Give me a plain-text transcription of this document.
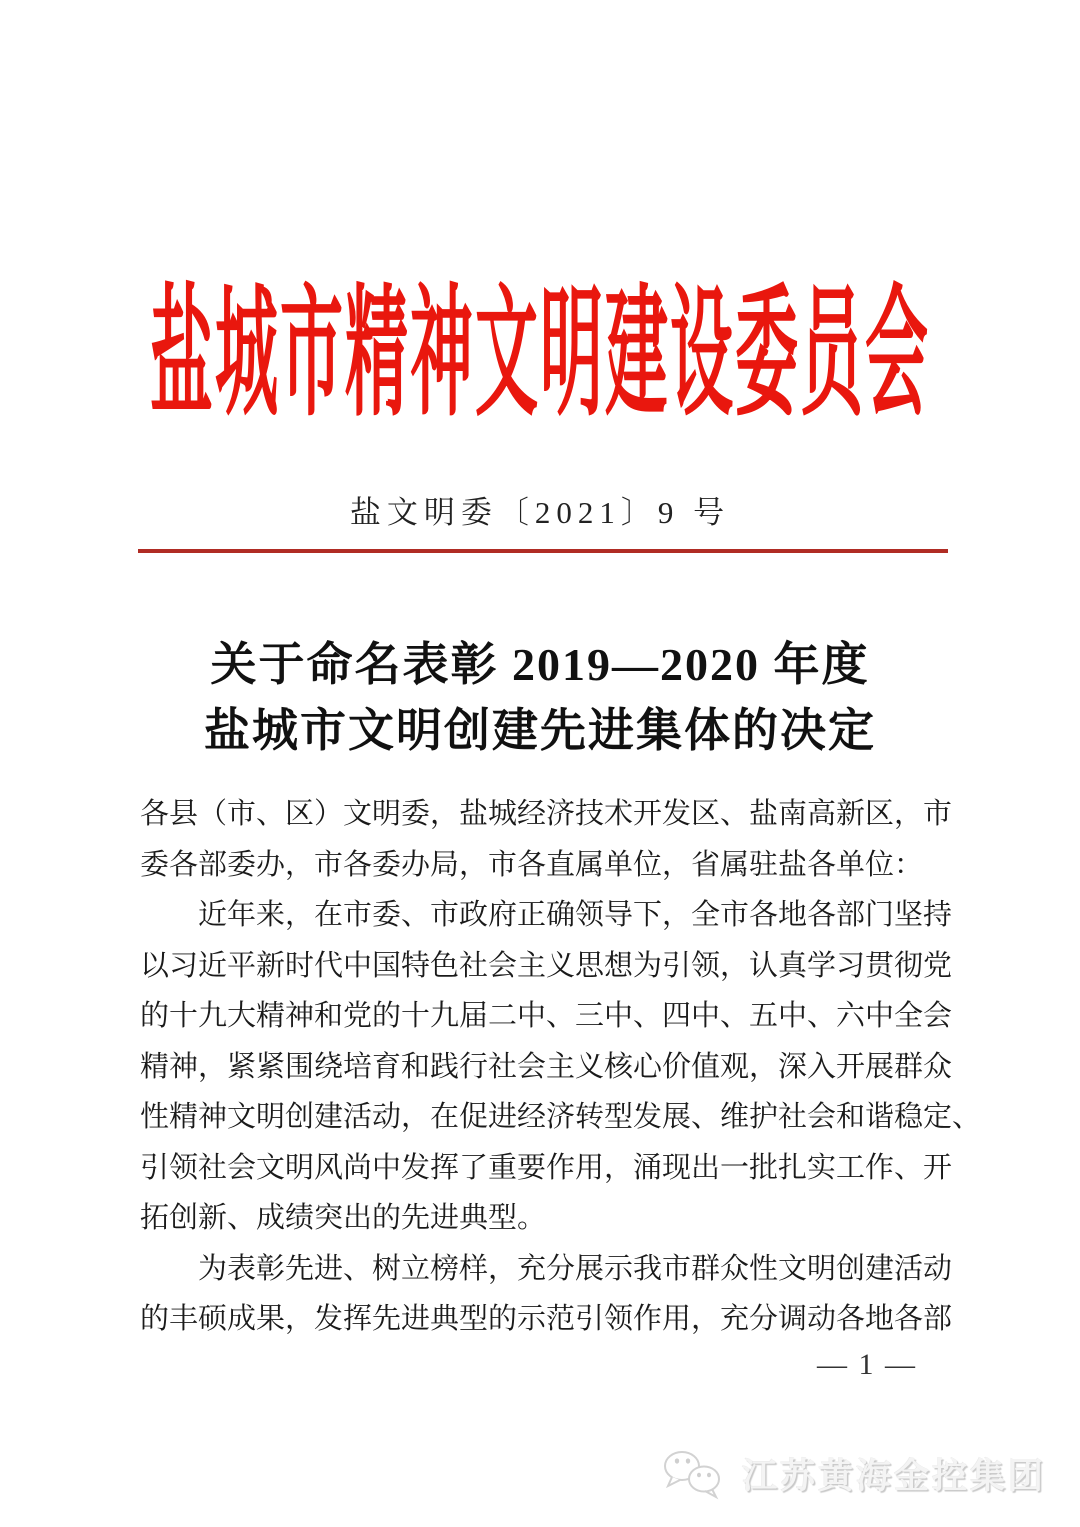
盐城市精神文明建设委员会
盐文明委〔2021〕9 号
关于命名表彰 2019—2020 年度
盐城市文明创建先进集体的决定
各县（市、区）文明委，盐城经济技术开发区、盐南高新区，市
委各部委办，市各委办局，市各直属单位，省属驻盐各单位：
近年来，在市委、市政府正确领导下，全市各地各部门坚持
以习近平新时代中国特色社会主义思想为引领，认真学习贯彻党
的十九大精神和党的十九届二中、三中、四中、五中、六中全会
精神，紧紧围绕培育和践行社会主义核心价值观，深入开展群众
性精神文明创建活动，在促进经济转型发展、维护社会和谐稳定、
引领社会文明风尚中发挥了重要作用，涌现出一批扎实工作、开
拓创新、成绩突出的先进典型。
为表彰先进、树立榜样，充分展示我市群众性文明创建活动
的丰硕成果，发挥先进典型的示范引领作用，充分调动各地各部
— 1 —
江苏黄海金控集团
